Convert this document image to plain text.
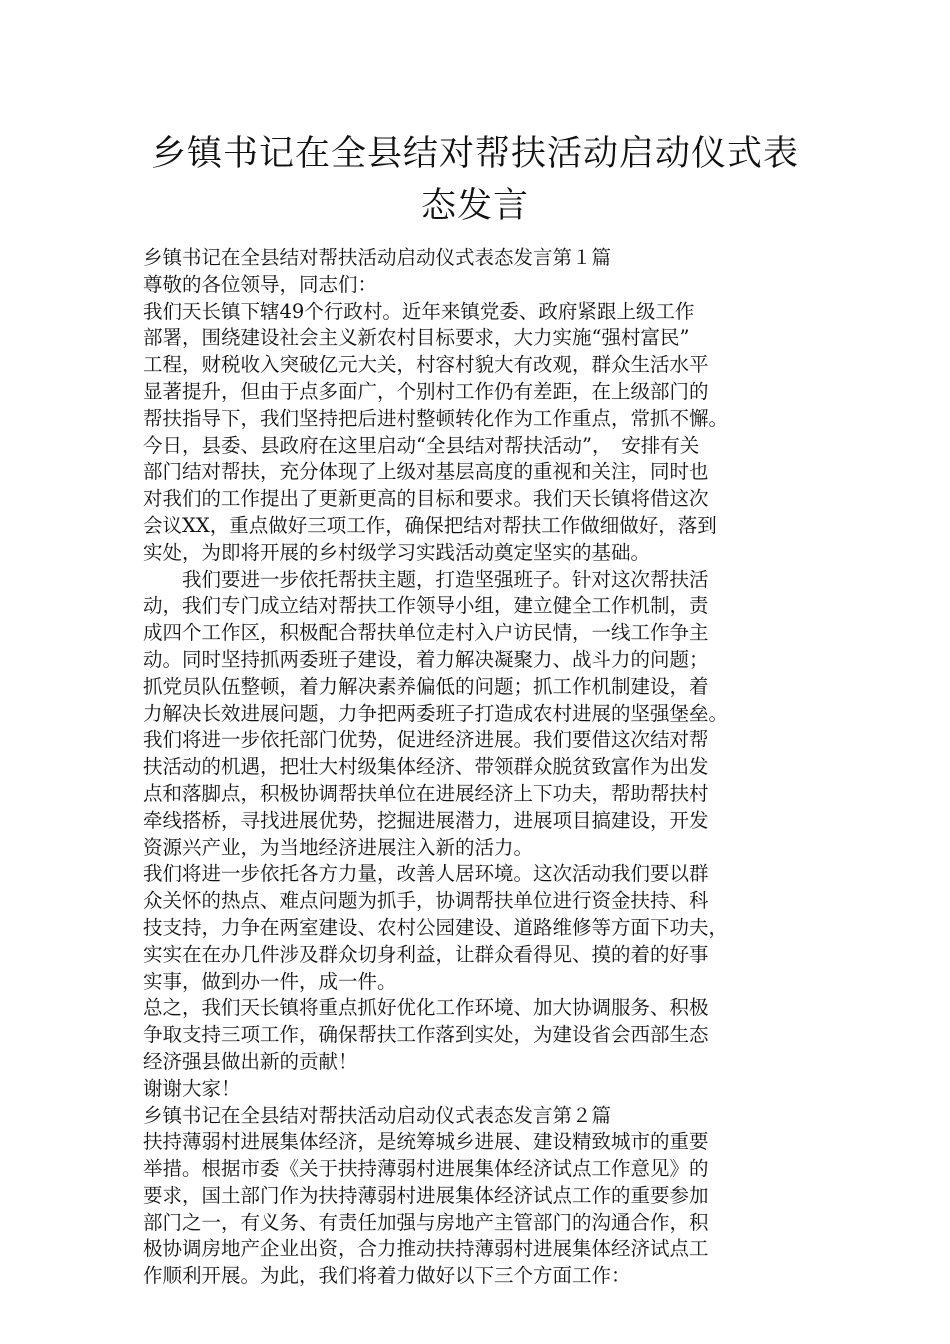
乡镇书记在全县结对帮扶活动启动仪式表
态发言
乡镇书记在全县结对帮扶活动启动仪式表态发言第１篇
尊敬的各位领导，同志们：
我们天长镇下辖49个行政村。近年来镇党委、政府紧跟上级工作
部署，围绕建设社会主义新农村目标要求，大力实施“强村富民”
工程，财税收入突破亿元大关，村容村貌大有改观，群众生活水平
显著提升，但由于点多面广，个别村工作仍有差距，在上级部门的
帮扶指导下，我们坚持把后进村整顿转化作为工作重点，常抓不懈。
今日，县委、县政府在这里启动“全县结对帮扶活动”，　安排有关
部门结对帮扶，充分体现了上级对基层高度的重视和关注，同时也
对我们的工作提出了更新更高的目标和要求。我们天长镇将借这次
会议XX，重点做好三项工作，确保把结对帮扶工作做细做好，落到
实处，为即将开展的乡村级学习实践活动奠定坚实的基础。
　　我们要进一步依托帮扶主题，打造坚强班子。针对这次帮扶活
动，我们专门成立结对帮扶工作领导小组，建立健全工作机制，责
成四个工作区，积极配合帮扶单位走村入户访民情，一线工作争主
动。同时坚持抓两委班子建设，着力解决凝聚力、战斗力的问题；
抓党员队伍整顿，着力解决素养偏低的问题；抓工作机制建设，着
力解决长效进展问题，力争把两委班子打造成农村进展的坚强堡垒。
我们将进一步依托部门优势，促进经济进展。我们要借这次结对帮
扶活动的机遇，把壮大村级集体经济、带领群众脱贫致富作为出发
点和落脚点，积极协调帮扶单位在进展经济上下功夫，帮助帮扶村
牵线搭桥，寻找进展优势，挖掘进展潜力，进展项目搞建设，开发
资源兴产业，为当地经济进展注入新的活力。
我们将进一步依托各方力量，改善人居环境。这次活动我们要以群
众关怀的热点、难点问题为抓手，协调帮扶单位进行资金扶持、科
技支持，力争在两室建设、农村公园建设、道路维修等方面下功夫，
实实在在办几件涉及群众切身利益，让群众看得见、摸的着的好事
实事，做到办一件，成一件。
总之，我们天长镇将重点抓好优化工作环境、加大协调服务、积极
争取支持三项工作，确保帮扶工作落到实处，为建设省会西部生态
经济强县做出新的贡献！
谢谢大家！
乡镇书记在全县结对帮扶活动启动仪式表态发言第２篇
扶持薄弱村进展集体经济，是统筹城乡进展、建设精致城市的重要
举措。根据市委《关于扶持薄弱村进展集体经济试点工作意见》的
要求，国土部门作为扶持薄弱村进展集体经济试点工作的重要参加
部门之一，有义务、有责任加强与房地产主管部门的沟通合作，积
极协调房地产企业出资，合力推动扶持薄弱村进展集体经济试点工
作顺利开展。为此，我们将着力做好以下三个方面工作：
